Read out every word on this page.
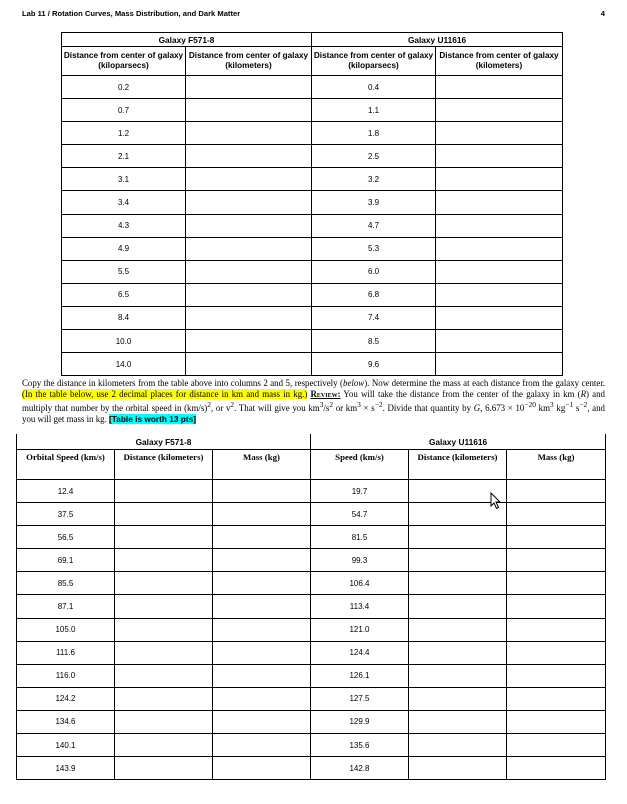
Lab 11 / Rotation Curves, Mass Distribution, and Dark Matter	4
Galaxy F571-8		Galaxy U11616	
Distance from center of galaxy (kiloparsecs)	Distance from center of galaxy (kilometers)	Distance from center of galaxy (kiloparsecs)	Distance from center of galaxy (kilometers)
0.2		0.4	
0.7		1.1	
1.2		1.8	
2.1		2.5	
3.1		3.2	
3.4		3.9	
4.3		4.7	
4.9		5.3	
5.5		6.0	
6.5		6.8	
8.4		7.4	
10.0		8.5	
14.0		9.6	

Copy the distance in kilometers from the table above into columns 2 and 5, respectively (below). Now determine the mass at each distance from the galaxy center. (In the table below, use 2 decimal places for distance in km and mass in kg.) Review: You will take the distance from the center of the galaxy in km (R) and multiply that number by the orbital speed in $(km/s)^2$, or $v^2$. That will give you $km^3/s^2$ or $km^3 \times s^{-2}$. Divide that quantity by G, $6.673 \times 10^{-20}$ $km^3$ $kg^{-1}$ $s^{-2}$, and you will get mass in kg. [Table is worth 13 pts]

Galaxy F571-8			Galaxy U11616		
Orbital Speed (km/s)	Distance (kilometers)	Mass (kg)	Speed (km/s)	Distance (kilometers)	Mass (kg)
12.4			19.7		
37.5			54.7		
56.5			81.5		
69.1			99.3		
85.5			106.4		
87.1			113.4		
105.0			121.0		
111.6			124.4		
116.0			126.1		
124.2			127.5		
134.6			129.9		
140.1			135.6		
143.9			142.8		
